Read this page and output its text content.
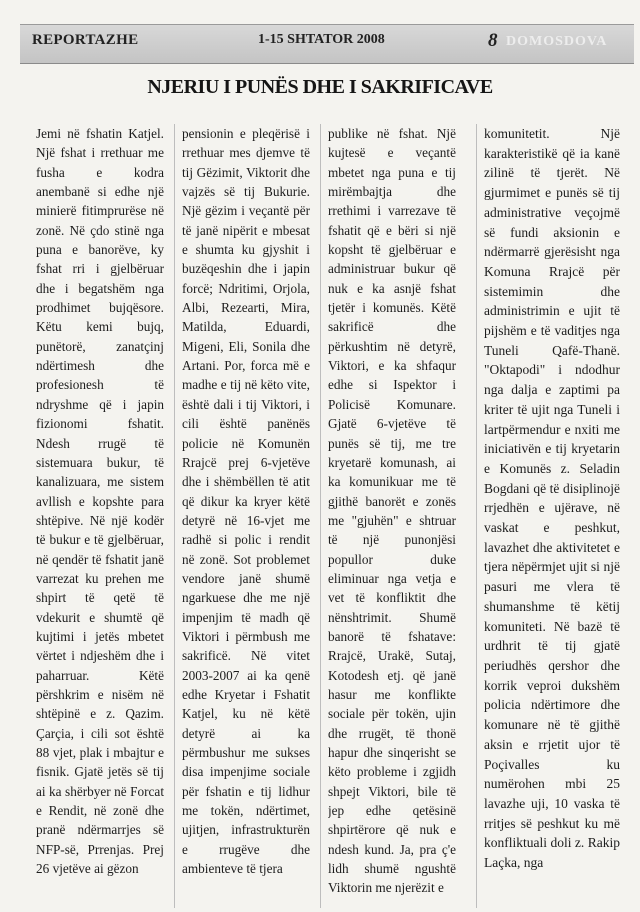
REPORTAZHE	1-15 SHTATOR 2008	8 DOMOSDOVA
NJERIU I PUNËS DHE I SAKRIFICAVE

Jemi në fshatin Katjel. Një fshat i rrethuar me fusha e kodra anembanë si edhe një minierë fitimprurëse në zonë. Në çdo stinë nga puna e banorëve, ky fshat rri i gjelbëruar dhe i begatshëm nga prodhimet bujqësore. Këtu kemi bujq, punëtorë, zanatçinj ndërtimesh dhe profesionesh të ndryshme që i japin fizionomi fshatit. Ndesh rrugë të sistemuara bukur, të kanalizuara, me sistem avllish e kopshte para shtëpive. Në një kodër të bukur e të gjelbëruar, në qendër të fshatit janë varrezat ku prehen me shpirt të qetë të vdekurit e shumtë që kujtimi i jetës mbetet vërtet i ndjeshëm dhe i paharruar. Këtë përshkrim e nisëm në shtëpinë e z. Qazim. Çarçia, i cili sot është 88 vjet, plak i mbajtur e fisnik. Gjatë jetës së tij ai ka shërbyer në Forcat e Rendit, në zonë dhe pranë ndërmarrjes së NFP-së, Prrenjas. Prej 26 vjetëve ai gëzon

pensionin e pleqërisë i rrethuar mes djemve të tij Gëzimit, Viktorit dhe vajzës së tij Bukurie. Një gëzim i veçantë për të janë nipërit e mbesat e shumta ku gjyshit i buzëqeshin dhe i japin forcë; Ndritimi, Orjola, Albi, Rezearti, Mira, Matilda, Eduardi, Migeni, Eli, Sonila dhe Artani. Por, forca më e madhe e tij në këto vite, është dali i tij Viktori, i cili është panënës policie në Komunën Rrajcë prej 6-vjetëve dhe i shëmbëllen të atit që dikur ka kryer këtë detyrë në 16-vjet me radhë si polic i rendit në zonë. Sot problemet vendore janë shumë ngarkuese dhe me një impenjim të madh që Viktori i përmbush me sakrificë. Në vitet 2003-2007 ai ka qenë edhe Kryetar i Fshatit Katjel, ku në këtë detyrë ai ka përmbushur me sukses disa impenjime sociale për fshatin e tij lidhur me tokën, ndërtimet, ujitjen, infrastrukturën e rrugëve dhe ambienteve të tjera

publike në fshat. Një kujtesë e veçantë mbetet nga puna e tij mirëmbajtja dhe rrethimi i varrezave të fshatit që e bëri si një kopsht të gjelbëruar e administruar bukur që nuk e ka asnjë fshat tjetër i komunës. Këtë sakrificë dhe përkushtim në detyrë, Viktori, e ka shfaqur edhe si Ispektor i Policisë Komunare. Gjatë 6-vjetëve të punës së tij, me tre kryetarë komunash, ai ka komunikuar me të gjithë banorët e zonës me "gjuhën" e shtruar të një punonjësi popullor duke eliminuar nga vetja e vet të konfliktit dhe nënshtrimit. Shumë banorë të fshatave: Rrajcë, Urakë, Sutaj, Kotodesh etj. që janë hasur me konflikte sociale për tokën, ujin dhe rrugët, të thonë hapur dhe sinqerisht se këto probleme i zgjidh shpejt Viktori, bile të jep edhe qetësinë shpirtërore që nuk e ndesh kund. Ja, pra ç'e lidh shumë ngushtë Viktorin me njerëzit e

komunitetit. Një karakteristikë që ia kanë zilinë të tjerët. Në gjurmimet e punës së tij administrative veçojmë së fundi aksionin e ndërmarrë gjerësisht nga Komuna Rrajcë për sistemimin dhe administrimin e ujit të pijshëm e të vaditjes nga Tuneli Qafë-Thanë. "Oktapodi" i ndodhur nga dalja e zaptimi pa kriter të ujit nga Tuneli i lartpërmendur e nxiti me iniciativën e tij kryetarin e Komunës z. Seladin Bogdani që të disiplinojë rrjedhën e ujërave, në vaskat e peshkut, lavazhet dhe aktivitetet e tjera nëpërmjet ujit si një pasuri me vlera të shumanshme të këtij komuniteti. Në bazë të urdhrit të tij gjatë periudhës qershor dhe korrik veproi dukshëm policia ndërtimore dhe komunare në të gjithë aksin e rrjetit ujor të Poçivalles ku numërohen mbi 25 lavazhe uji, 10 vaska të rritjes së peshkut ku më konfliktuali doli z. Rakip Laçka, nga
